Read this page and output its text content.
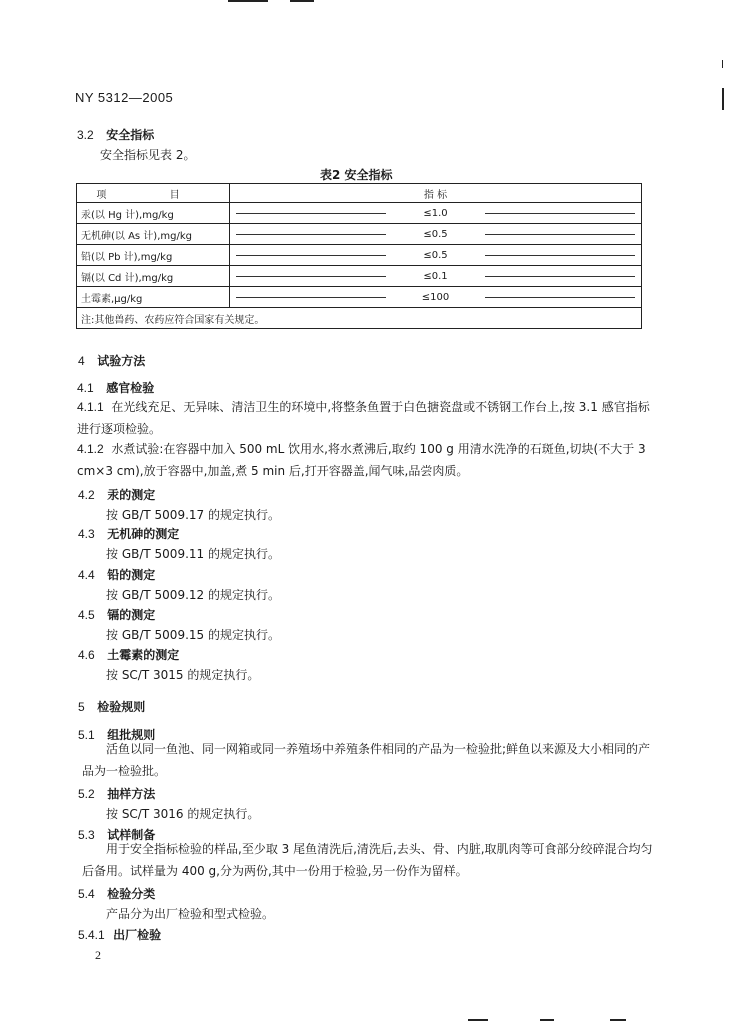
NY 5312—2005
3.2 安全指标
安全指标见表 2。
表2 安全指标
项 目	指 标
汞(以 Hg 计),mg/kg	≤1.0
无机砷(以 As 计),mg/kg	≤0.5
铅(以 Pb 计),mg/kg	≤0.5
镉(以 Cd 计),mg/kg	≤0.1
土霉素,μg/kg	≤100
注:其他兽药、农药应符合国家有关规定。	
4 试验方法
4.1 感官检验
4.1.1 在光线充足、无异味、清洁卫生的环境中,将整条鱼置于白色搪瓷盘或不锈钢工作台上,按 3.1 感官指标进行逐项检验。
4.1.2 水煮试验:在容器中加入 500 mL 饮用水,将水煮沸后,取约 100 g 用清水洗净的石斑鱼,切块(不大于 3 cm×3 cm),放于容器中,加盖,煮 5 min 后,打开容器盖,闻气味,品尝肉质。
4.2 汞的测定
按 GB/T 5009.17 的规定执行。
4.3 无机砷的测定
按 GB/T 5009.11 的规定执行。
4.4 铅的测定
按 GB/T 5009.12 的规定执行。
4.5 镉的测定
按 GB/T 5009.15 的规定执行。
4.6 土霉素的测定
按 SC/T 3015 的规定执行。
5 检验规则
5.1 组批规则
活鱼以同一鱼池、同一网箱或同一养殖场中养殖条件相同的产品为一检验批;鲜鱼以来源及大小相同的产品为一检验批。
5.2 抽样方法
按 SC/T 3016 的规定执行。
5.3 试样制备
用于安全指标检验的样品,至少取 3 尾鱼清洗后,清洗后,去头、骨、内脏,取肌肉等可食部分绞碎混合均匀后备用。试样量为 400 g,分为两份,其中一份用于检验,另一份作为留样。
5.4 检验分类
产品分为出厂检验和型式检验。
5.4.1 出厂检验
2
